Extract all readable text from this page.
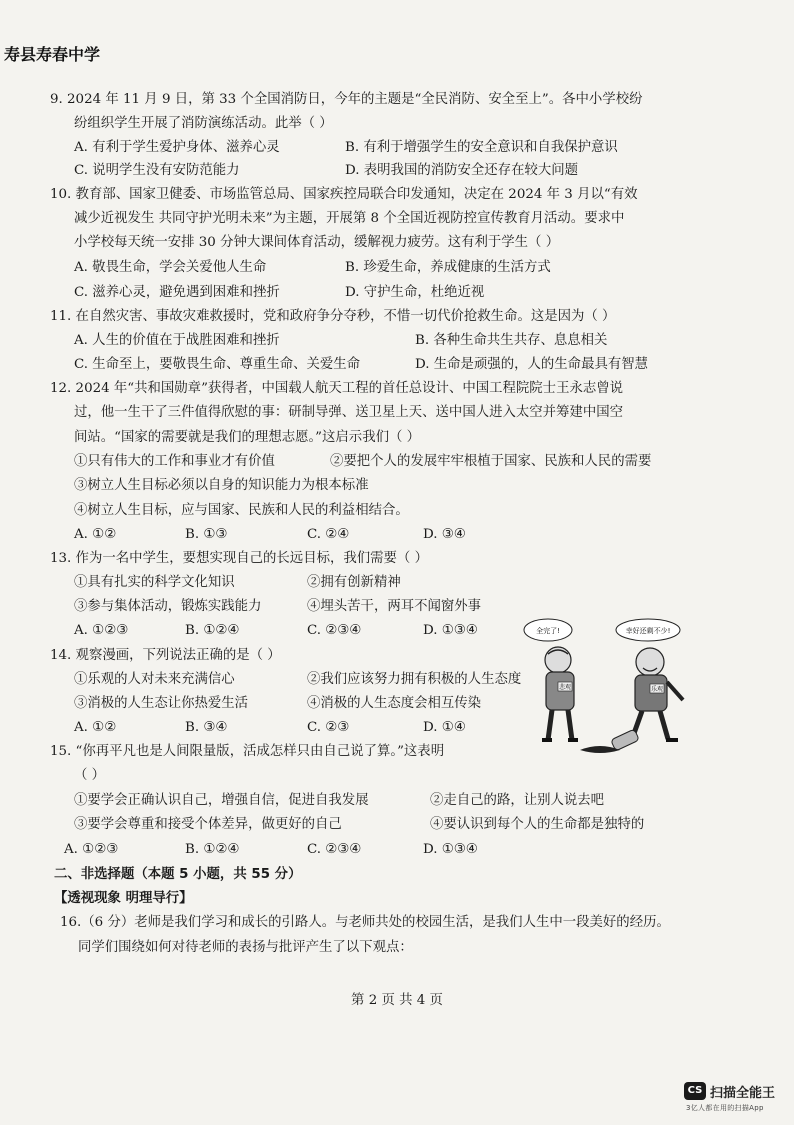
寿县寿春中学
9. 2024 年 11 月 9 日，第 33 个全国消防日，今年的主题是“全民消防、安全至上”。各中小学校纷
纷组织学生开展了消防演练活动。此举（ ）
A. 有利于学生爱护身体、滋养心灵	B. 有利于增强学生的安全意识和自我保护意识
C. 说明学生没有安防范能力	D. 表明我国的消防安全还存在较大问题
10. 教育部、国家卫健委、市场监管总局、国家疾控局联合印发通知，决定在 2024 年 3 月以“有效
减少近视发生 共同守护光明未来”为主题，开展第 8 个全国近视防控宣传教育月活动。要求中
小学校每天统一安排 30 分钟大课间体育活动，缓解视力疲劳。这有利于学生（ ）
A. 敬畏生命，学会关爱他人生命	B. 珍爱生命，养成健康的生活方式
C. 滋养心灵，避免遇到困难和挫折	D. 守护生命，杜绝近视
11. 在自然灾害、事故灾难救援时，党和政府争分夺秒，不惜一切代价抢救生命。这是因为（ ）
A. 人生的价值在于战胜困难和挫折	B. 各种生命共生共存、息息相关
C. 生命至上，要敬畏生命、尊重生命、关爱生命	D. 生命是顽强的，人的生命最具有智慧
12. 2024 年“共和国勋章”获得者，中国载人航天工程的首任总设计、中国工程院院士王永志曾说
过，他一生干了三件值得欣慰的事：研制导弹、送卫星上天、送中国人进入太空并筹建中国空
间站。“国家的需要就是我们的理想志愿。”这启示我们（ ）
①只有伟大的工作和事业才有价值	②要把个人的发展牢牢根植于国家、民族和人民的需要
③树立人生目标必须以自身的知识能力为根本标准
④树立人生目标，应与国家、民族和人民的利益相结合。
A. ①②	B. ①③	C. ②④	D. ③④
13. 作为一名中学生，要想实现自己的长远目标，我们需要（ ）
①具有扎实的科学文化知识	②拥有创新精神
③参与集体活动，锻炼实践能力	④埋头苦干，两耳不闻窗外事
A. ①②③	B. ①②④	C. ②③④	D. ①③④
14. 观察漫画，下列说法正确的是（ ）
①乐观的人对未来充满信心	②我们应该努力拥有积极的人生态度
③消极的人生态让你热爱生活	④消极的人生态度会相互传染
A. ①②	B. ③④	C. ②③	D. ①④
全完了!	幸好还剩不少!
悲观	乐观
15. “你再平凡也是人间限量版，活成怎样只由自己说了算。”这表明
（ ）
①要学会正确认识自己，增强自信，促进自我发展	②走自己的路，让别人说去吧
③要学会尊重和接受个体差异，做更好的自己	④要认识到每个人的生命都是独特的
A. ①②③	B. ①②④	C. ②③④	D. ①③④
二、非选择题（本题 5 小题，共 55 分）
【透视现象 明理导行】
16.（6 分）老师是我们学习和成长的引路人。与老师共处的校园生活，是我们人生中一段美好的经历。
同学们围绕如何对待老师的表扬与批评产生了以下观点：
第 2 页 共 4 页
CS 扫描全能王
3亿人都在用的扫描App
